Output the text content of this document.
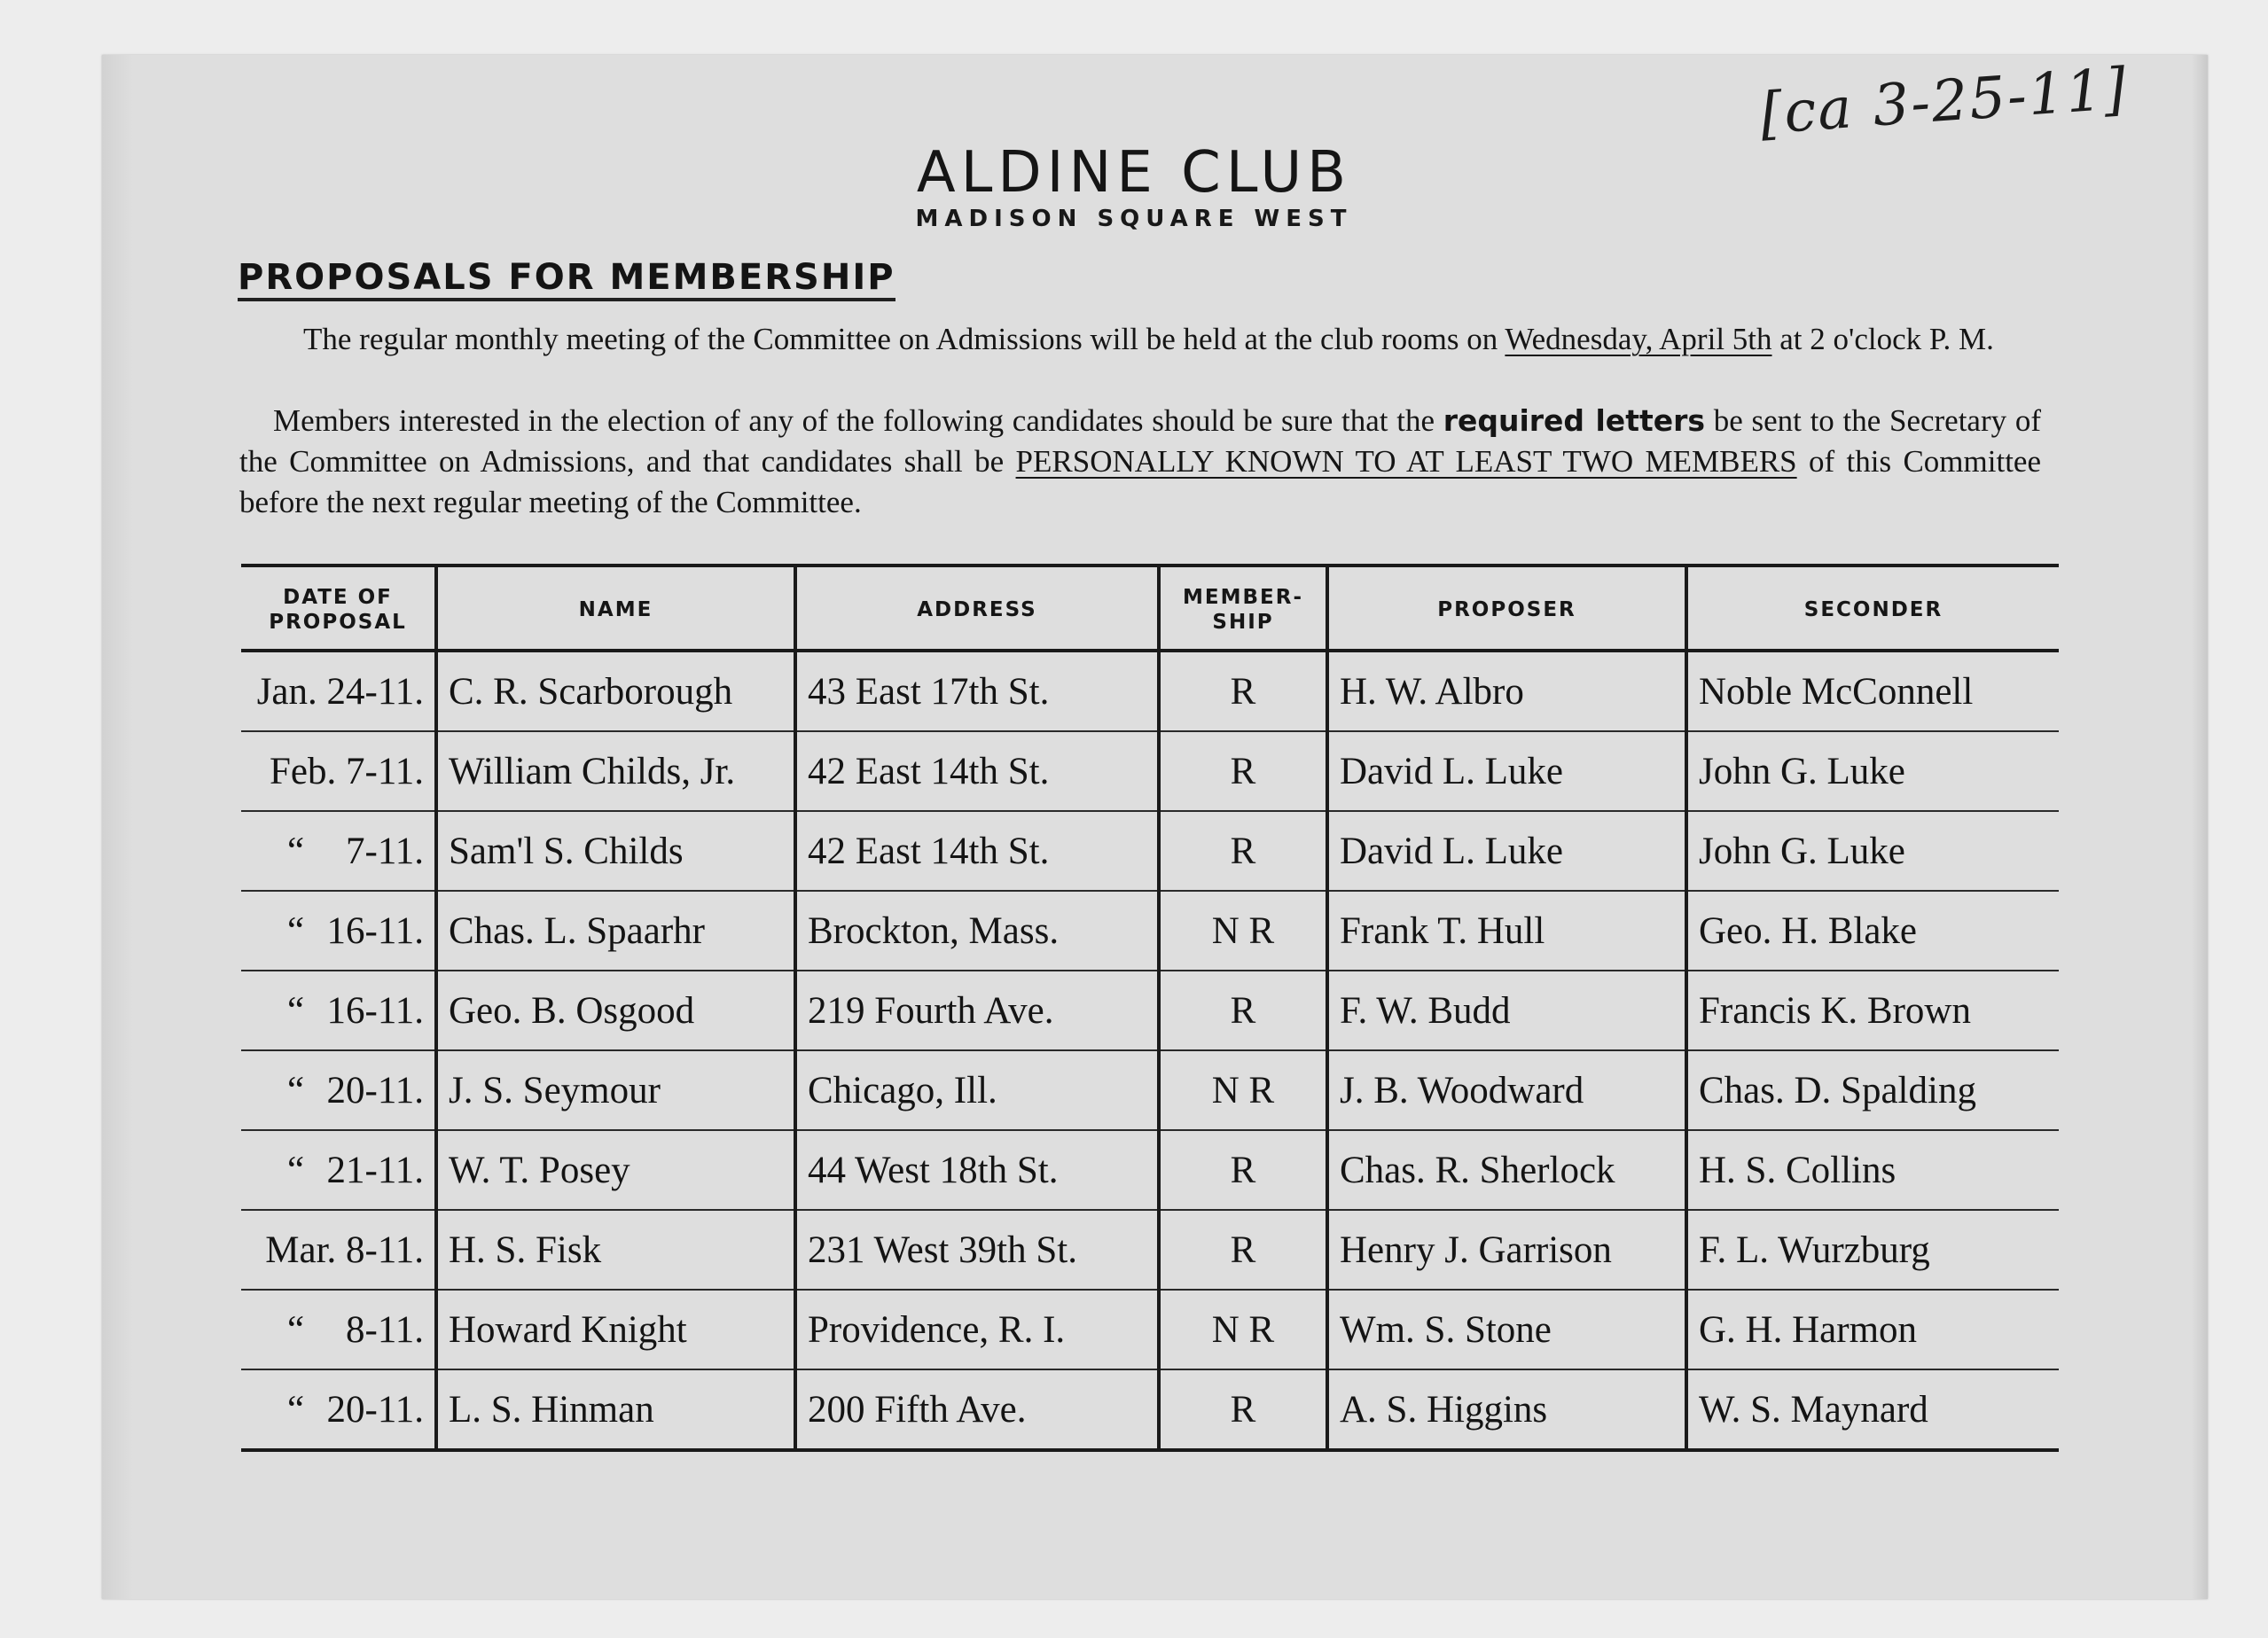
[ca 3-25-11]
ALDINE CLUB
MADISON SQUARE WEST
PROPOSALS FOR MEMBERSHIP
The regular monthly meeting of the Committee on Admissions will be held at the club rooms on Wednesday, April 5th at 2 o'clock P. M.
Members interested in the election of any of the following candidates should be sure that the required letters be sent to the Secretary of the Committee on Admissions, and that candidates shall be PERSONALLY KNOWN TO AT LEAST TWO MEMBERS of this Committee before the next regular meeting of the Committee.
DATE OF PROPOSAL	NAME	ADDRESS	MEMBER- SHIP	PROPOSER	SECONDER

Jan. 24-11.	C. R. Scarborough	43 East 17th St.	R	H. W. Albro	Noble McConnell

Feb. 7-11.	William Childs, Jr.	42 East 14th St.	R	David L. Luke	John G. Luke

“ 7-11.	Sam'l S. Childs	42 East 14th St.	R	David L. Luke	John G. Luke

“ 16-11.	Chas. L. Spaarhr	Brockton, Mass.	N R	Frank T. Hull	Geo. H. Blake

“ 16-11.	Geo. B. Osgood	219 Fourth Ave.	R	F. W. Budd	Francis K. Brown

“ 20-11.	J. S. Seymour	Chicago, Ill.	N R	J. B. Woodward	Chas. D. Spalding

“ 21-11.	W. T. Posey	44 West 18th St.	R	Chas. R. Sherlock	H. S. Collins

Mar. 8-11.	H. S. Fisk	231 West 39th St.	R	Henry J. Garrison	F. L. Wurzburg

“ 8-11.	Howard Knight	Providence, R. I.	N R	Wm. S. Stone	G. H. Harmon

“ 20-11.	L. S. Hinman	200 Fifth Ave.	R	A. S. Higgins	W. S. Maynard
